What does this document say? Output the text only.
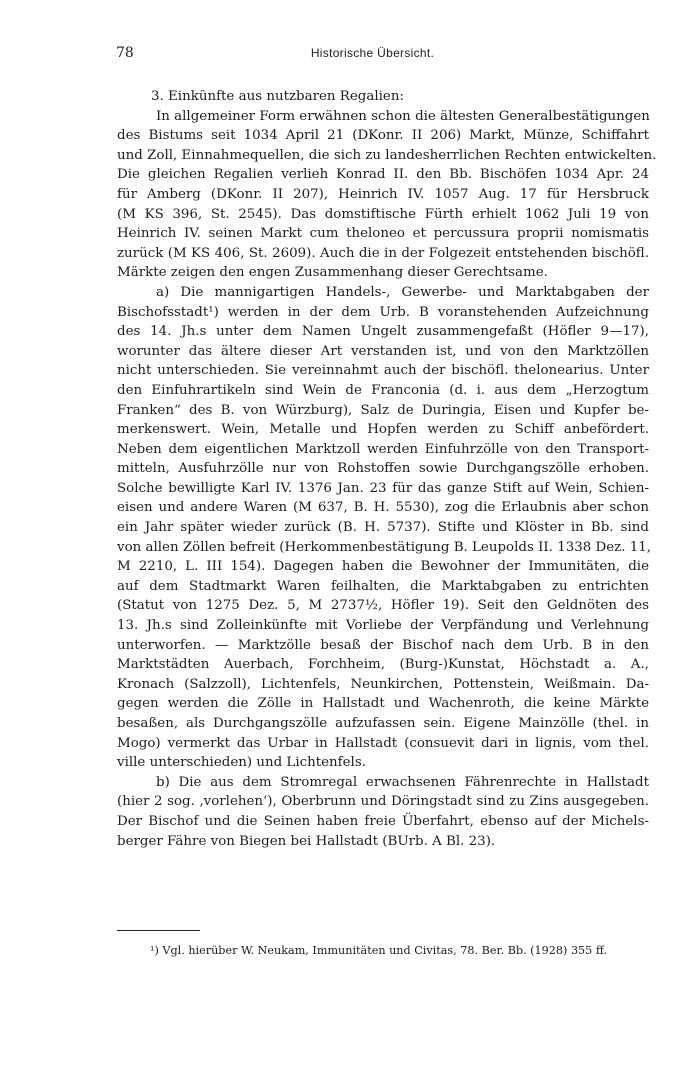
78	Historische Übersicht.
3. Einkünfte aus nutzbaren Regalien:
In allgemeiner Form erwähnen schon die ältesten Generalbestätigungen
des Bistums seit 1034 April 21 (DKonr. II 206) Markt, Münze, Schiffahrt
und Zoll, Einnahmequellen, die sich zu landesherrlichen Rechten entwickelten.
Die gleichen Regalien verlieh Konrad II. den Bb. Bischöfen 1034 Apr. 24
für Amberg (DKonr. II 207), Heinrich IV. 1057 Aug. 17 für Hersbruck
(M KS 396, St. 2545). Das domstiftische Fürth erhielt 1062 Juli 19 von
Heinrich IV. seinen Markt cum theloneo et percussura proprii nomismatis
zurück (M KS 406, St. 2609). Auch die in der Folgezeit entstehenden bischöfl.
Märkte zeigen den engen Zusammenhang dieser Gerechtsame.
a) Die mannigartigen Handels-, Gewerbe- und Marktabgaben der
Bischofsstadt¹) werden in der dem Urb. B voranstehenden Aufzeichnung
des 14. Jh.s unter dem Namen Ungelt zusammengefaßt (Höfler 9—17),
worunter das ältere dieser Art verstanden ist, und von den Marktzöllen
nicht unterschieden. Sie vereinnahmt auch der bischöfl. thelonearius. Unter
den Einfuhrartikeln sind Wein de Franconia (d. i. aus dem „Herzogtum
Franken“ des B. von Würzburg), Salz de Duringia, Eisen und Kupfer be-
merkenswert. Wein, Metalle und Hopfen werden zu Schiff anbefördert.
Neben dem eigentlichen Marktzoll werden Einfuhrzölle von den Transport-
mitteln, Ausfuhrzölle nur von Rohstoffen sowie Durchgangszölle erhoben.
Solche bewilligte Karl IV. 1376 Jan. 23 für das ganze Stift auf Wein, Schien-
eisen und andere Waren (M 637, B. H. 5530), zog die Erlaubnis aber schon
ein Jahr später wieder zurück (B. H. 5737). Stifte und Klöster in Bb. sind
von allen Zöllen befreit (Herkommenbestätigung B. Leupolds II. 1338 Dez. 11,
M 2210, L. III 154). Dagegen haben die Bewohner der Immunitäten, die
auf dem Stadtmarkt Waren feilhalten, die Marktabgaben zu entrichten
(Statut von 1275 Dez. 5, M 2737½, Höfler 19). Seit den Geldnöten des
13. Jh.s sind Zolleinkünfte mit Vorliebe der Verpfändung und Verlehnung
unterworfen. — Marktzölle besaß der Bischof nach dem Urb. B in den
Marktstädten Auerbach, Forchheim, (Burg-)Kunstat, Höchstadt a. A.,
Kronach (Salzzoll), Lichtenfels, Neunkirchen, Pottenstein, Weißmain. Da-
gegen werden die Zölle in Hallstadt und Wachenroth, die keine Märkte
besaßen, als Durchgangszölle aufzufassen sein. Eigene Mainzölle (thel. in
Mogo) vermerkt das Urbar in Hallstadt (consuevit dari in lignis, vom thel.
ville unterschieden) und Lichtenfels.
b) Die aus dem Stromregal erwachsenen Fährenrechte in Hallstadt
(hier 2 sog. ‚vorlehen‘), Oberbrunn und Döringstadt sind zu Zins ausgegeben.
Der Bischof und die Seinen haben freie Überfahrt, ebenso auf der Michels-
berger Fähre von Biegen bei Hallstadt (BUrb. A Bl. 23).
¹) Vgl. hierüber W. Neukam, Immunitäten und Civitas, 78. Ber. Bb. (1928) 355 ff.
